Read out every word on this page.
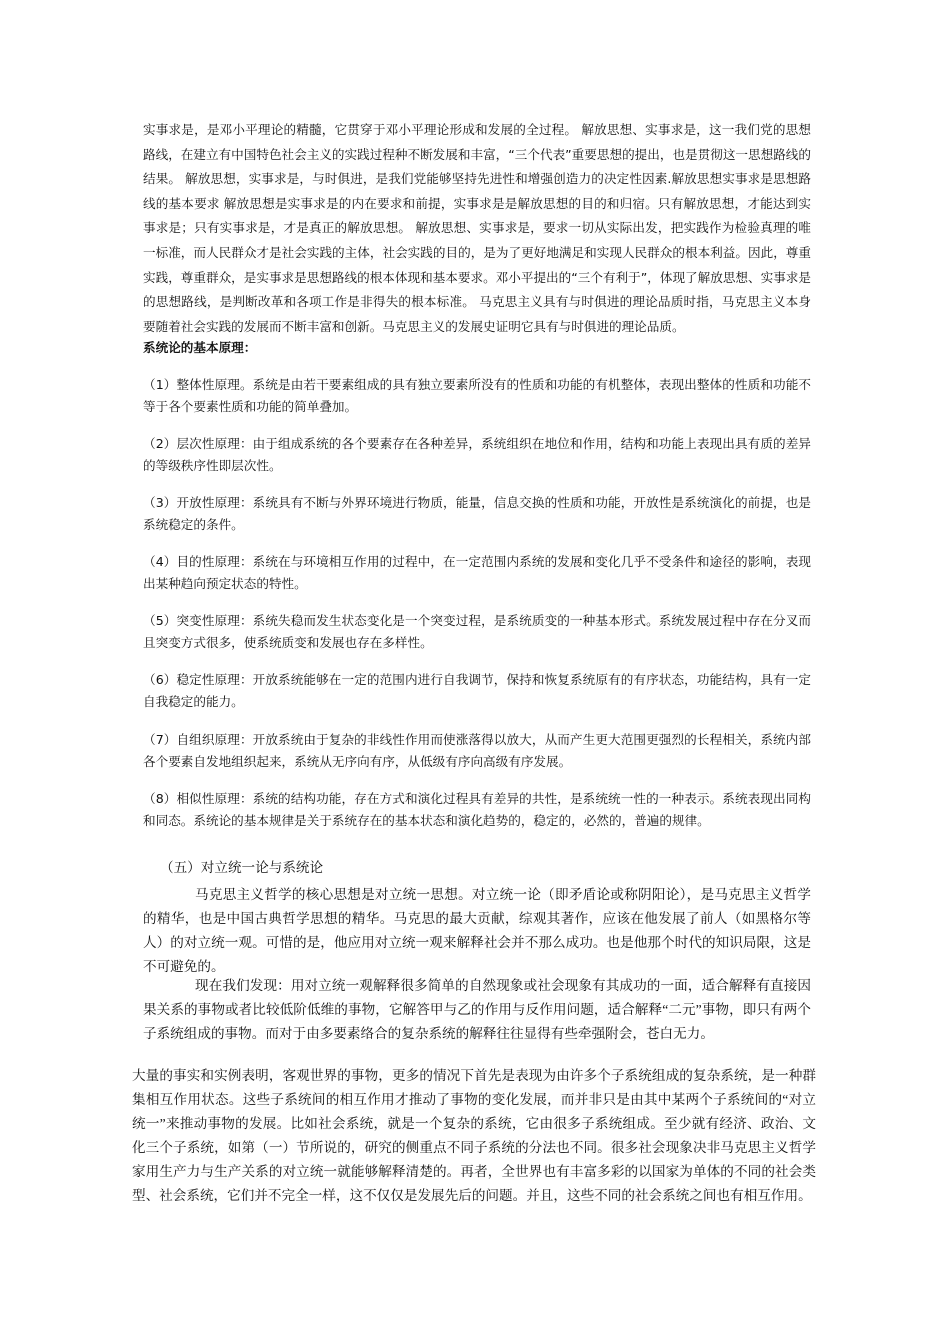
实事求是，是邓小平理论的精髓，它贯穿于邓小平理论形成和发展的全过程。 解放思想、实事求是，这一我们党的思想路线，在建立有中国特色社会主义的实践过程种不断发展和丰富，“三个代表”重要思想的提出，也是贯彻这一思想路线的结果。 解放思想，实事求是，与时俱进，是我们党能够坚持先进性和增强创造力的决定性因素.解放思想实事求是思想路线的基本要求 解放思想是实事求是的内在要求和前提，实事求是是解放思想的目的和归宿。只有解放思想，才能达到实事求是；只有实事求是，才是真正的解放思想。 解放思想、实事求是，要求一切从实际出发，把实践作为检验真理的唯一标准，而人民群众才是社会实践的主体，社会实践的目的，是为了更好地满足和实现人民群众的根本利益。因此，尊重实践，尊重群众，是实事求是思想路线的根本体现和基本要求。邓小平提出的“三个有利于”，体现了解放思想、实事求是的思想路线，是判断改革和各项工作是非得失的根本标准。 马克思主义具有与时俱进的理论品质时指，马克思主义本身要随着社会实践的发展而不断丰富和创新。马克思主义的发展史证明它具有与时俱进的理论品质。

系统论的基本原理：

（1）整体性原理。系统是由若干要素组成的具有独立要素所没有的性质和功能的有机整体，表现出整体的性质和功能不等于各个要素性质和功能的简单叠加。

（2）层次性原理：由于组成系统的各个要素存在各种差异，系统组织在地位和作用，结构和功能上表现出具有质的差异的等级秩序性即层次性。

（3）开放性原理：系统具有不断与外界环境进行物质，能量，信息交换的性质和功能，开放性是系统演化的前提，也是系统稳定的条件。

（4）目的性原理：系统在与环境相互作用的过程中，在一定范围内系统的发展和变化几乎不受条件和途径的影响，表现出某种趋向预定状态的特性。

（5）突变性原理：系统失稳而发生状态变化是一个突变过程，是系统质变的一种基本形式。系统发展过程中存在分叉而且突变方式很多，使系统质变和发展也存在多样性。

（6）稳定性原理：开放系统能够在一定的范围内进行自我调节，保持和恢复系统原有的有序状态，功能结构，具有一定自我稳定的能力。

（7）自组织原理：开放系统由于复杂的非线性作用而使涨落得以放大，从而产生更大范围更强烈的长程相关，系统内部各个要素自发地组织起来，系统从无序向有序，从低级有序向高级有序发展。

（8）相似性原理：系统的结构功能，存在方式和演化过程具有差异的共性，是系统统一性的一种表示。系统表现出同构和同态。系统论的基本规律是关于系统存在的基本状态和演化趋势的，稳定的，必然的，普遍的规律。

（五）对立统一论与系统论

马克思主义哲学的核心思想是对立统一思想。对立统一论（即矛盾论或称阴阳论），是马克思主义哲学的精华，也是中国古典哲学思想的精华。马克思的最大贡献，综观其著作，应该在他发展了前人（如黑格尔等人）的对立统一观。可惜的是，他应用对立统一观来解释社会并不那么成功。也是他那个时代的知识局限，这是不可避免的。

现在我们发现：用对立统一观解释很多简单的自然现象或社会现象有其成功的一面，适合解释有直接因果关系的事物或者比较低阶低维的事物，它解答甲与乙的作用与反作用问题，适合解释“二元”事物，即只有两个子系统组成的事物。而对于由多要素络合的复杂系统的解释往往显得有些牵强附会，苍白无力。

大量的事实和实例表明，客观世界的事物，更多的情况下首先是表现为由许多个子系统组成的复杂系统，是一种群集相互作用状态。这些子系统间的相互作用才推动了事物的变化发展，而并非只是由其中某两个子系统间的“对立统一”来推动事物的发展。比如社会系统，就是一个复杂的系统，它由很多子系统组成。至少就有经济、政治、文化三个子系统，如第（一）节所说的，研究的侧重点不同子系统的分法也不同。很多社会现象决非马克思主义哲学家用生产力与生产关系的对立统一就能够解释清楚的。再者，全世界也有丰富多彩的以国家为单体的不同的社会类型、社会系统，它们并不完全一样，这不仅仅是发展先后的问题。并且，这些不同的社会系统之间也有相互作用。
